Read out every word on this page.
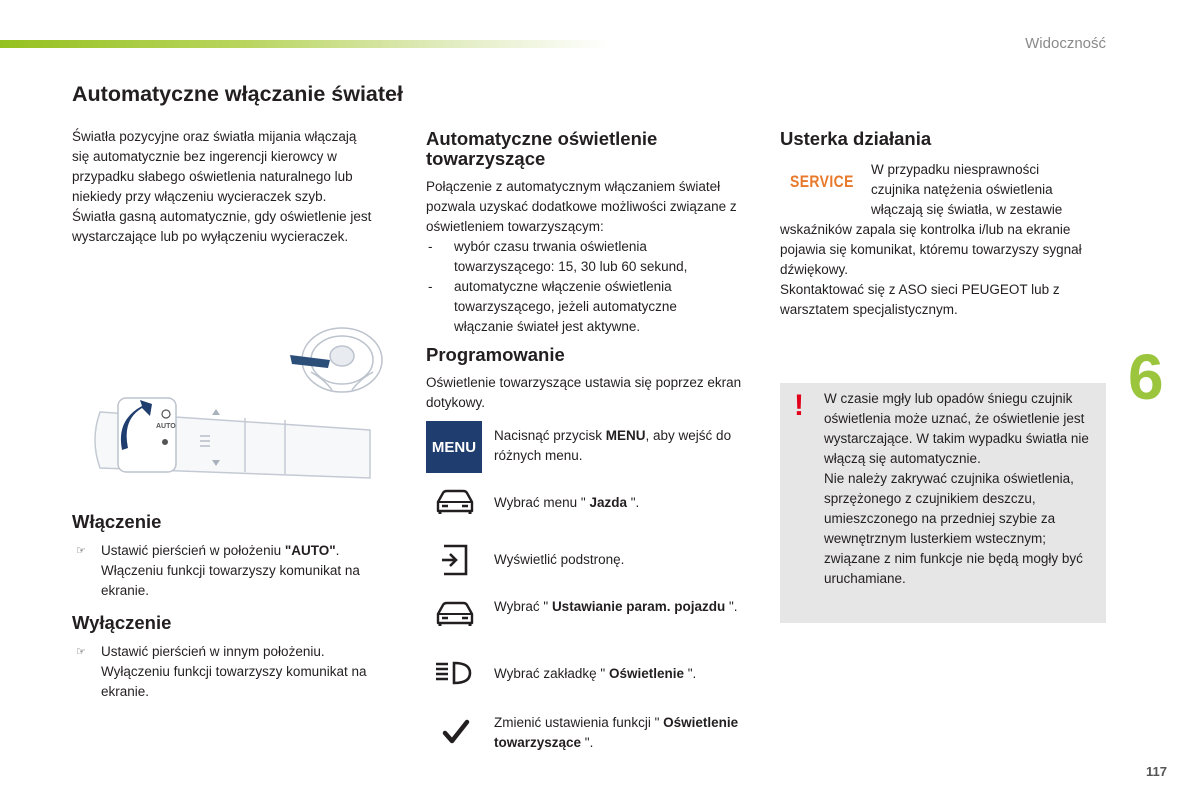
Widoczność
Automatyczne włączanie świateł
6
117

Światła pozycyjne oraz światła mijania włączają się automatycznie bez ingerencji kierowcy w przypadku słabego oświetlenia naturalnego lub niekiedy przy włączeniu wycieraczek szyb.

Światła gasną automatycznie, gdy oświetlenie jest wystarczające lub po wyłączeniu wycieraczek.

AUTO
Włączenie

☞ Ustawić pierścień w położeniu "AUTO". Włączeniu funkcji towarzyszy komunikat na ekranie.

Wyłączenie

☞ Ustawić pierścień w innym położeniu. Wyłączeniu funkcji towarzyszy komunikat na ekranie.

Automatyczne oświetlenie towarzyszące

Połączenie z automatycznym włączaniem świateł pozwala uzyskać dodatkowe możliwości związane z oświetleniem towarzyszącym:

- wybór czasu trwania oświetlenia towarzyszącego: 15, 30 lub 60 sekund,
- automatyczne włączenie oświetlenia towarzyszącego, jeżeli automatyczne włączanie świateł jest aktywne.
Programowanie

Oświetlenie towarzyszące ustawia się poprzez ekran dotykowy.

MENU
Nacisnąć przycisk MENU, aby wejść do różnych menu.
Wybrać menu " Jazda ".
Wyświetlić podstronę.
Wybrać " Ustawianie param. pojazdu ".
Wybrać zakładkę " Oświetlenie ".
Zmienić ustawienia funkcji " Oświetlenie towarzyszące ".
Usterka działania

W przypadku niesprawności

czujnika natężenia oświetlenia

włączają się światła, w zestawie

wskaźników zapala się kontrolka i/lub na ekranie pojawia się komunikat, któremu towarzyszy sygnał dźwiękowy.

Skontaktować się z ASO sieci PEUGEOT lub z warsztatem specjalistycznym.

SERVICE
! W czasie mgły lub opadów śniegu czujnik oświetlenia może uznać, że oświetlenie jest wystarczające. W takim wypadku światła nie włączą się automatycznie.

Nie należy zakrywać czujnika oświetlenia, sprzężonego z czujnikiem deszczu, umieszczonego na przedniej szybie za wewnętrznym lusterkiem wstecznym; związane z nim funkcje nie będą mogły być uruchamiane.
